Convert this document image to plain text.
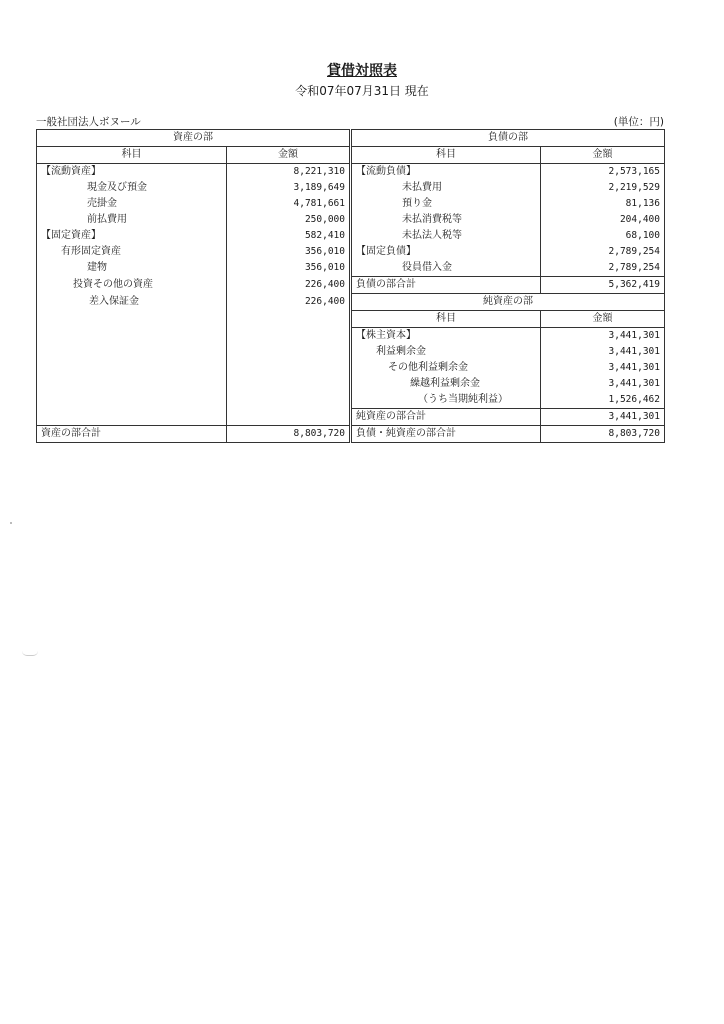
貸借対照表
令和07年07月31日 現在
一般社団法人ボヌール	(単位：円)
資産の部		負債の部	
科目	金額	科目	金額
【流動資産】	8,221,310	【流動負債】	2,573,165
現金及び預金	3,189,649	未払費用	2,219,529
売掛金	4,781,661	預り金	81,136
前払費用	250,000	未払消費税等	204,400
【固定資産】	582,410	未払法人税等	68,100
有形固定資産	356,010	【固定負債】	2,789,254
建物	356,010	役員借入金	2,789,254
投資その他の資産	226,400	負債の部合計	5,362,419
差入保証金	226,400	純資産の部	
		科目	金額
		【株主資本】	3,441,301
		利益剰余金	3,441,301
		その他利益剰余金	3,441,301
		繰越利益剰余金	3,441,301
		（うち当期純利益）	1,526,462
		純資産の部合計	3,441,301
資産の部合計	8,803,720	負債・純資産の部合計	8,803,720
